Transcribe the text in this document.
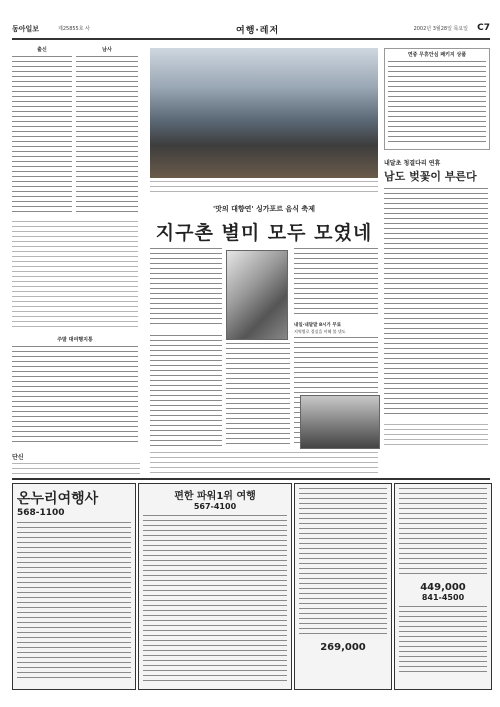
동아일보	제25855호 사	여행·레저	2002년 3월28일 목요일 C7
출신	남사
주말 대여행지통
단신
'맛의 대향연' 싱가포르 음식 축제
지구촌 별미 모두 모였네
내일·내달말 8시가 무료
지역별로 결실을 이해 볼 넷도
연중 무휴안심 패키지 상품
내달초 청결다리 연휴
남도 벚꽃이 부른다
온누리여행사
568-1100
편한 파워1위 여행
567-4100
269,000
449,000
841-4500
